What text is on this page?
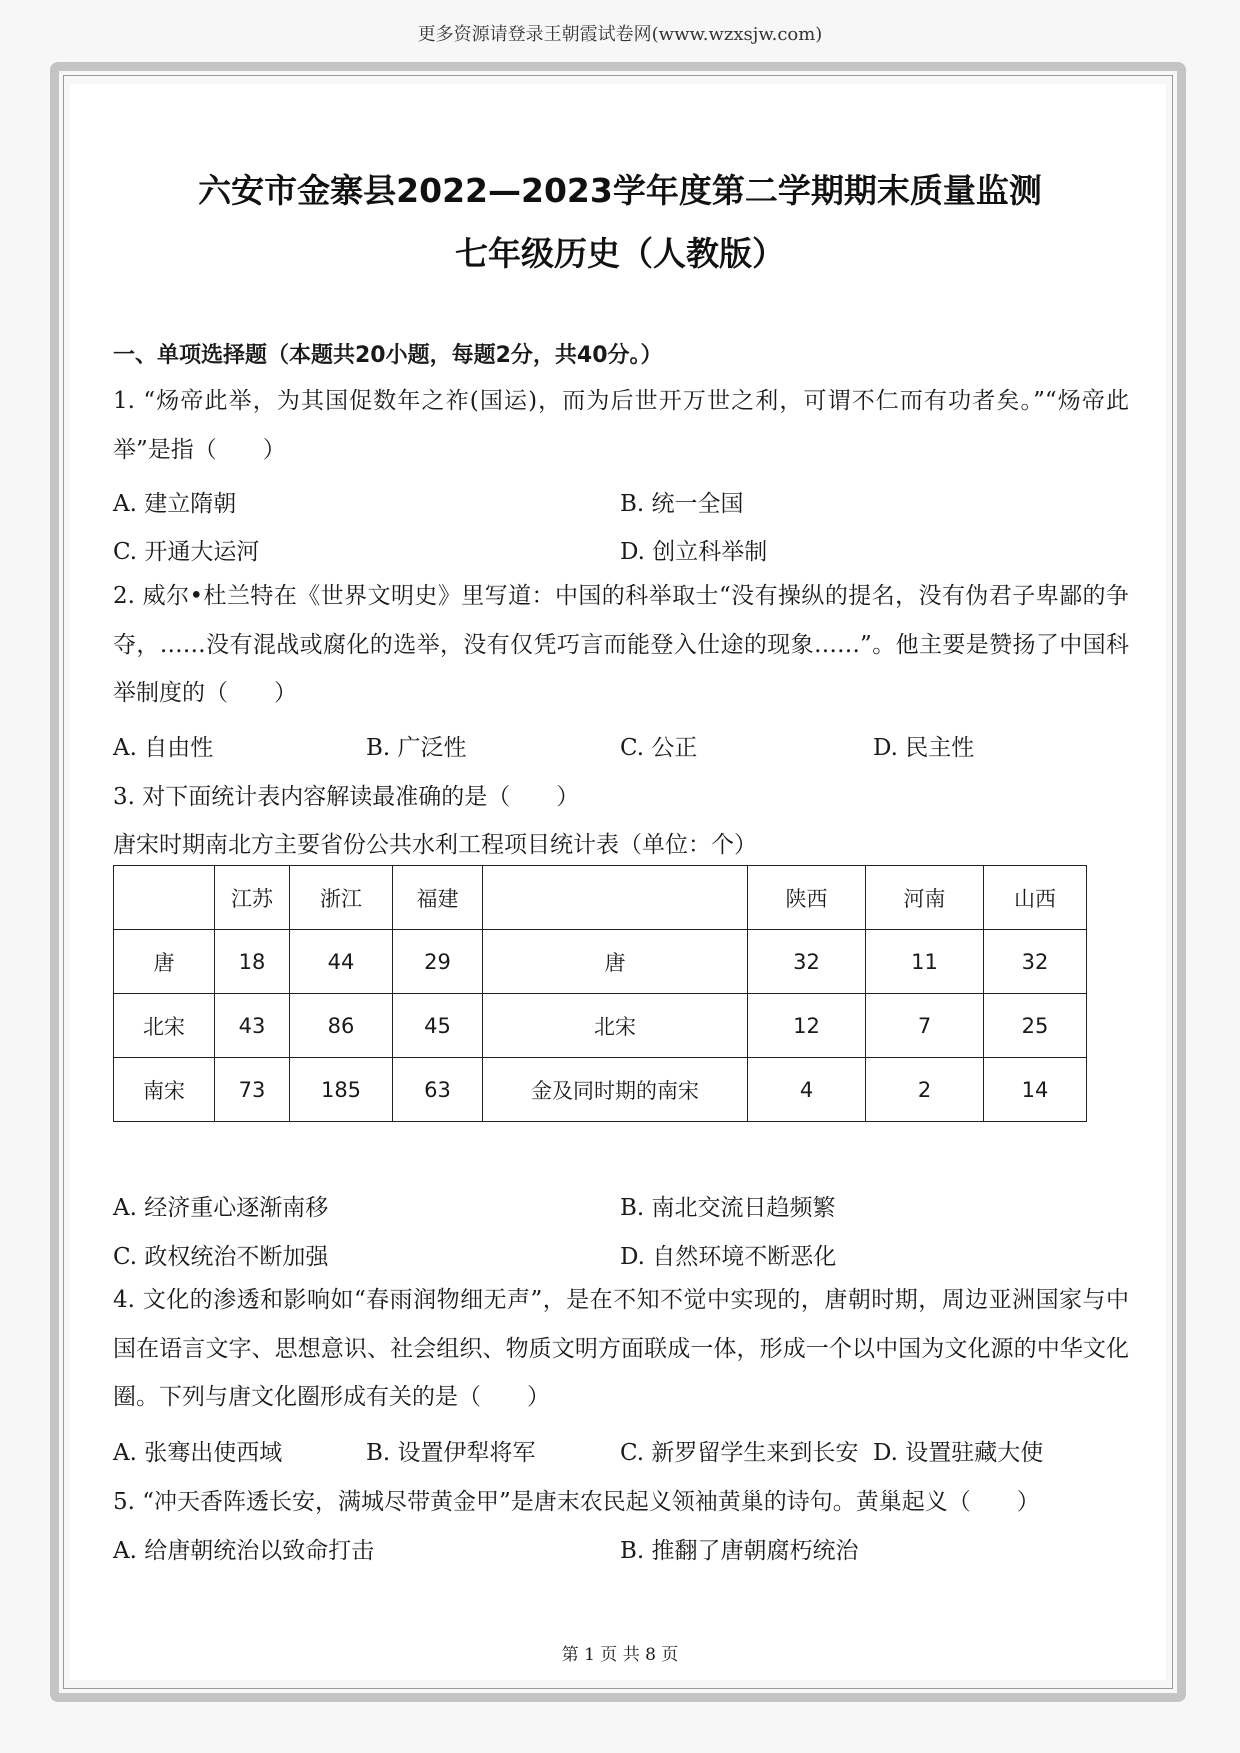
更多资源请登录王朝霞试卷网(www.wzxsjw.com)
六安市金寨县2022—2023学年度第二学期期末质量监测
七年级历史（人教版）
一、单项选择题（本题共20小题，每题2分，共40分。）
1. “炀帝此举，为其国促数年之祚(国运)，而为后世开万世之利，可谓不仁而有功者矣。”“炀帝此举”是指（　　）
A. 建立隋朝	B. 统一全国
C. 开通大运河	D. 创立科举制
2. 威尔•杜兰特在《世界文明史》里写道：中国的科举取士“没有操纵的提名，没有伪君子卑鄙的争夺，……没有混战或腐化的选举，没有仅凭巧言而能登入仕途的现象……”。他主要是赞扬了中国科举制度的（　　）
A. 自由性	B. 广泛性	C. 公正	D. 民主性
3. 对下面统计表内容解读最准确的是（　　）
唐宋时期南北方主要省份公共水利工程项目统计表（单位：个）
	江苏	浙江	福建		陕西	河南	山西
唐	18	44	29	唐	32	11	32
北宋	43	86	45	北宋	12	7	25
南宋	73	185	63	金及同时期的南宋	4	2	14
A. 经济重心逐渐南移	B. 南北交流日趋频繁
C. 政权统治不断加强	D. 自然环境不断恶化
4. 文化的渗透和影响如“春雨润物细无声”，是在不知不觉中实现的，唐朝时期，周边亚洲国家与中国在语言文字、思想意识、社会组织、物质文明方面联成一体，形成一个以中国为文化源的中华文化圈。下列与唐文化圈形成有关的是（　　）
A. 张骞出使西域	B. 设置伊犁将军	C. 新罗留学生来到长安 D. 设置驻藏大使
5. “冲天香阵透长安，满城尽带黄金甲”是唐末农民起义领袖黄巢的诗句。黄巢起义（　　）
A. 给唐朝统治以致命打击	B. 推翻了唐朝腐朽统治
第 1 页 共 8 页
